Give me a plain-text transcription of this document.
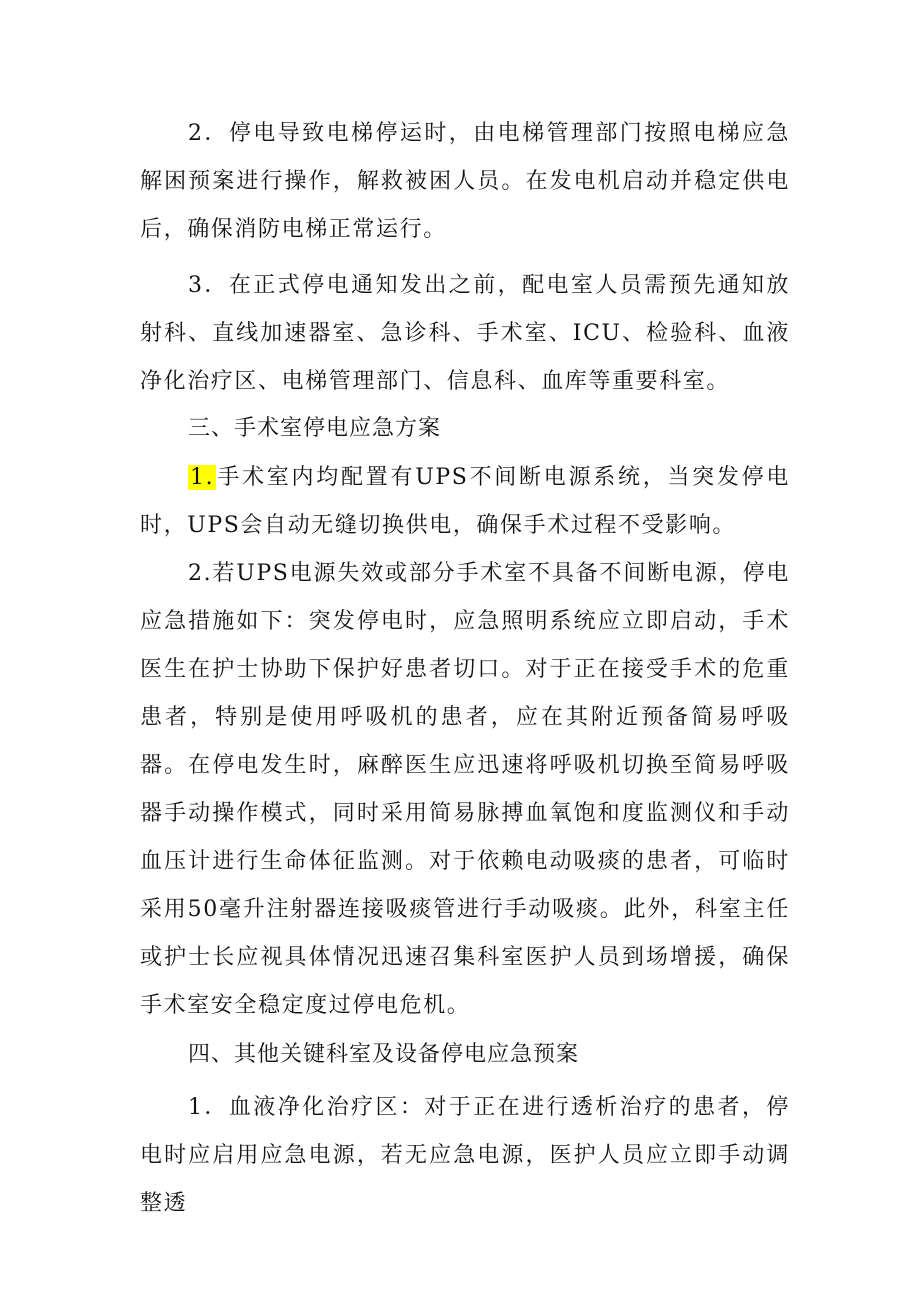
2．停电导致电梯停运时，由电梯管理部门按照电梯应急解困预案进行操作，解救被困人员。在发电机启动并稳定供电后，确保消防电梯正常运行。

3．在正式停电通知发出之前，配电室人员需预先通知放射科、直线加速器室、急诊科、手术室、ICU、检验科、血液净化治疗区、电梯管理部门、信息科、血库等重要科室。

三、手术室停电应急方案

1.手术室内均配置有UPS不间断电源系统，当突发停电时，UPS会自动无缝切换供电，确保手术过程不受影响。

2.若UPS电源失效或部分手术室不具备不间断电源，停电应急措施如下：突发停电时，应急照明系统应立即启动，手术医生在护士协助下保护好患者切口。对于正在接受手术的危重患者，特别是使用呼吸机的患者，应在其附近预备简易呼吸器。在停电发生时，麻醉医生应迅速将呼吸机切换至简易呼吸器手动操作模式，同时采用简易脉搏血氧饱和度监测仪和手动血压计进行生命体征监测。对于依赖电动吸痰的患者，可临时采用50毫升注射器连接吸痰管进行手动吸痰。此外，科室主任或护士长应视具体情况迅速召集科室医护人员到场增援，确保手术室安全稳定度过停电危机。

四、其他关键科室及设备停电应急预案

1．血液净化治疗区：对于正在进行透析治疗的患者，停电时应启用应急电源，若无应急电源，医护人员应立即手动调整透
